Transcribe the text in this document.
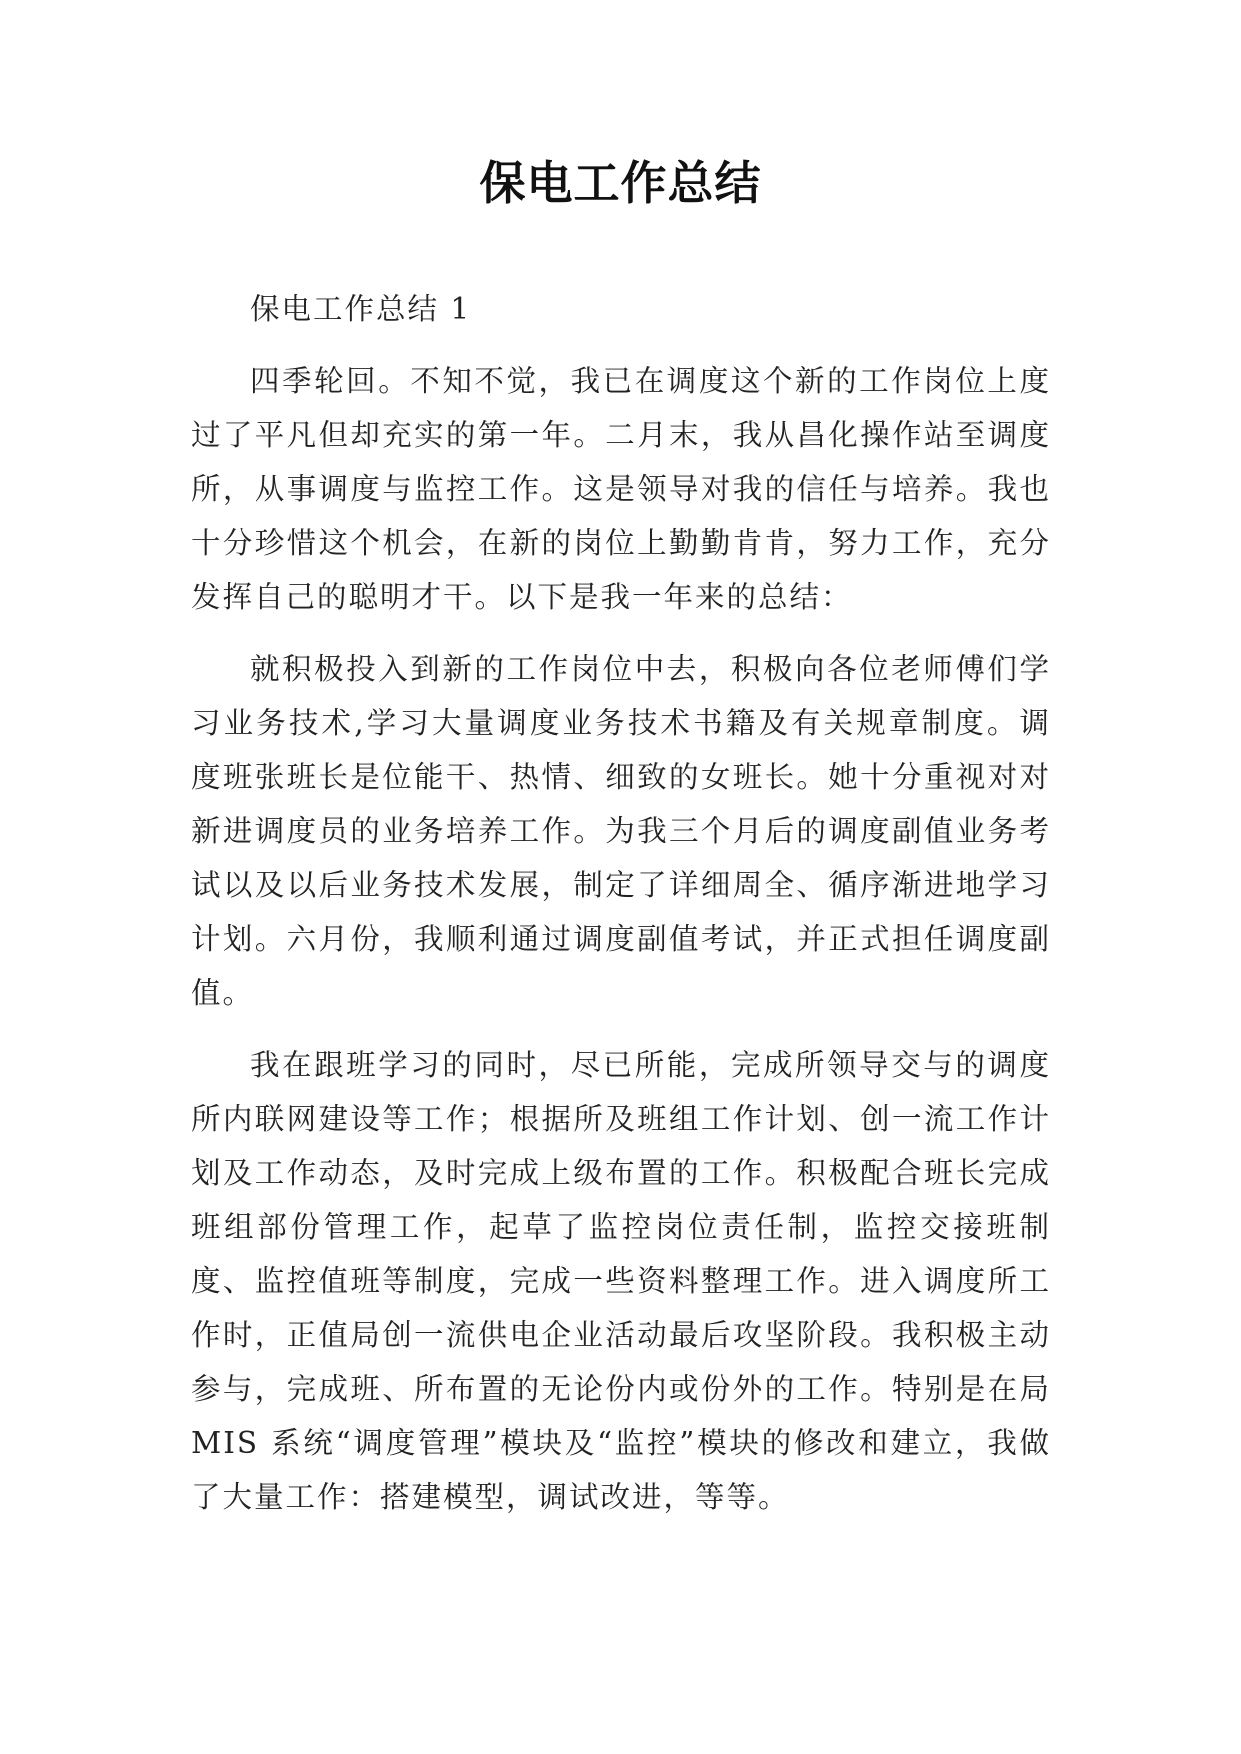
保电工作总结

保电工作总结 1

四季轮回。不知不觉，我已在调度这个新的工作岗位上度过了平凡但却充实的第一年。二月末，我从昌化操作站至调度所，从事调度与监控工作。这是领导对我的信任与培养。我也十分珍惜这个机会，在新的岗位上勤勤肯肯，努力工作，充分发挥自己的聪明才干。以下是我一年来的总结：

就积极投入到新的工作岗位中去，积极向各位老师傅们学习业务技术,学习大量调度业务技术书籍及有关规章制度。调度班张班长是位能干、热情、细致的女班长。她十分重视对对新进调度员的业务培养工作。为我三个月后的调度副值业务考试以及以后业务技术发展，制定了详细周全、循序渐进地学习计划。六月份，我顺利通过调度副值考试，并正式担任调度副值。

我在跟班学习的同时，尽已所能，完成所领导交与的调度所内联网建设等工作；根据所及班组工作计划、创一流工作计划及工作动态，及时完成上级布置的工作。积极配合班长完成班组部份管理工作，起草了监控岗位责任制，监控交接班制度、监控值班等制度，完成一些资料整理工作。进入调度所工作时，正值局创一流供电企业活动最后攻坚阶段。我积极主动参与，完成班、所布置的无论份内或份外的工作。特别是在局 MIS 系统“调度管理”模块及“监控”模块的修改和建立，我做了大量工作：搭建模型，调试改进，等等。
